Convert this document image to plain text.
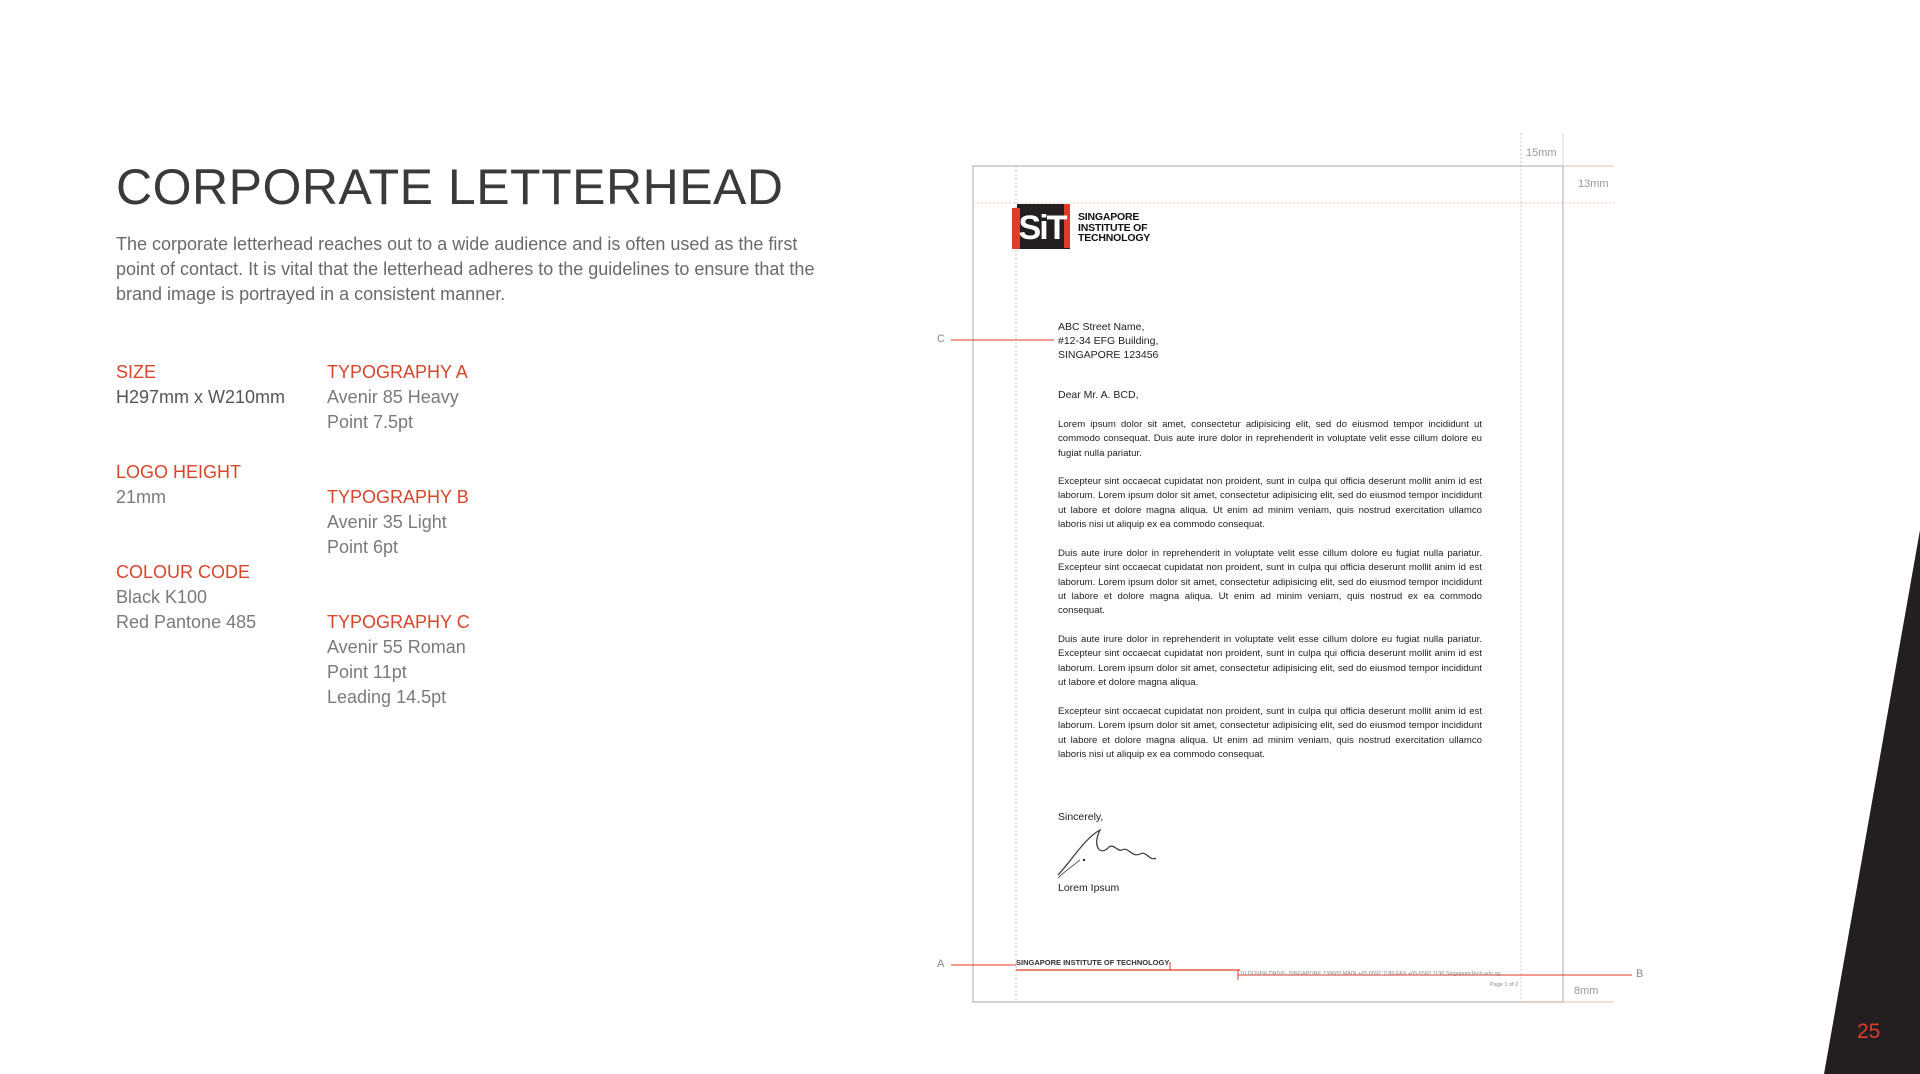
CORPORATE LETTERHEAD
The corporate letterhead reaches out to a wide audience and is often used as the first point of contact. It is vital that the letterhead adheres to the guidelines to ensure that the brand image is portrayed in a consistent manner.
SIZE
H297mm x W210mm
LOGO HEIGHT
21mm
COLOUR CODE
Black K100
Red Pantone 485
TYPOGRAPHY A
Avenir 85 Heavy
Point 7.5pt
TYPOGRAPHY B
Avenir 35 Light
Point 6pt
TYPOGRAPHY C
Avenir 55 Roman
Point 11pt
Leading 14.5pt
SiT SINGAPORE
INSTITUTE OF
TECHNOLOGY
ABC Street Name,
#12-34 EFG Building,
SINGAPORE 123456
Dear Mr. A. BCD,
Lorem ipsum dolor sit amet, consectetur adipisicing elit, sed do eiusmod tempor incididunt ut commodo consequat. Duis aute irure dolor in reprehenderit in voluptate velit esse cillum dolore eu fugiat nulla pariatur.
Excepteur sint occaecat cupidatat non proident, sunt in culpa qui officia deserunt mollit anim id est laborum. Lorem ipsum dolor sit amet, consectetur adipisicing elit, sed do eiusmod tempor incididunt ut labore et dolore magna aliqua. Ut enim ad minim veniam, quis nostrud exercitation ullamco laboris nisi ut aliquip ex ea commodo consequat.
Duis aute irure dolor in reprehenderit in voluptate velit esse cillum dolore eu fugiat nulla pariatur. Excepteur sint occaecat cupidatat non proident, sunt in culpa qui officia deserunt mollit anim id est laborum. Lorem ipsum dolor sit amet, consectetur adipisicing elit, sed do eiusmod tempor incididunt ut labore et dolore magna aliqua. Ut enim ad minim veniam, quis nostrud ex ea commodo consequat.
Duis aute irure dolor in reprehenderit in voluptate velit esse cillum dolore eu fugiat nulla pariatur. Excepteur sint occaecat cupidatat non proident, sunt in culpa qui officia deserunt mollit anim id est laborum. Lorem ipsum dolor sit amet, consectetur adipisicing elit, sed do eiusmod tempor incididunt ut labore et dolore magna aliqua.
Excepteur sint occaecat cupidatat non proident, sunt in culpa qui officia deserunt mollit anim id est laborum. Lorem ipsum dolor sit amet, consectetur adipisicing elit, sed do eiusmod tempor incididunt ut labore et dolore magna aliqua. Ut enim ad minim veniam, quis nostrud exercitation ullamco laboris nisi ut aliquip ex ea commodo consequat.
Sincerely,
Lorem Ipsum
SINGAPORE INSTITUTE OF TECHNOLOGY
10 DOVER DRIVE, SINGAPORE 138683 MAIN +65 6592 1189 FAX +65 6592 1190 SingaporeTech.edu.sg
Page 1 of 2
15mm
13mm
8mm
C
A
B
25
